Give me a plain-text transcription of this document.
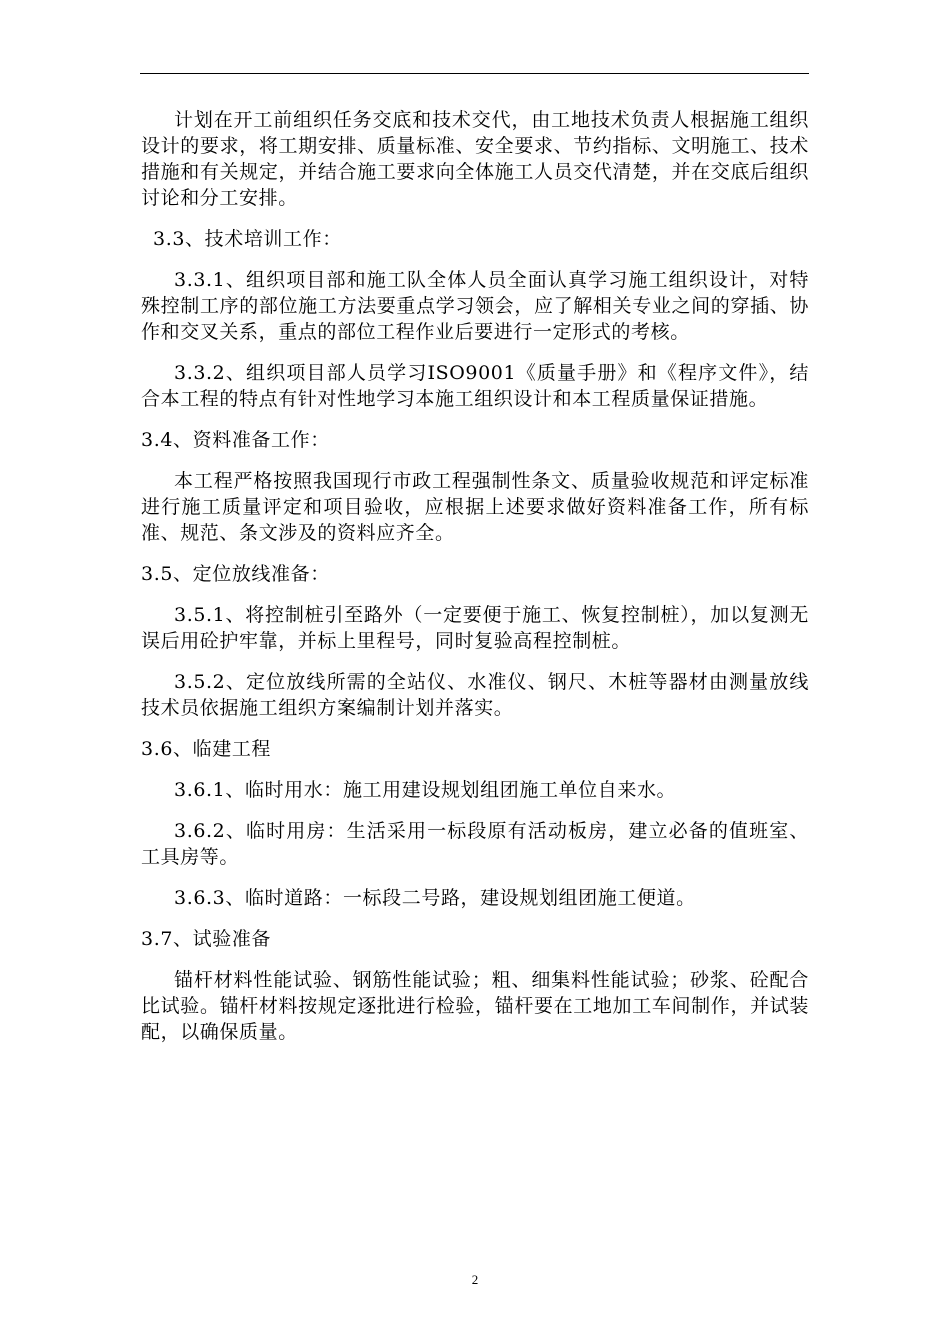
计划在开工前组织任务交底和技术交代，由工地技术负责人根据施工组织设计的要求，将工期安排、质量标准、安全要求、节约指标、文明施工、技术措施和有关规定，并结合施工要求向全体施工人员交代清楚，并在交底后组织讨论和分工安排。

3.3、技术培训工作：

3.3.1、组织项目部和施工队全体人员全面认真学习施工组织设计，对特殊控制工序的部位施工方法要重点学习领会，应了解相关专业之间的穿插、协作和交叉关系，重点的部位工程作业后要进行一定形式的考核。

3.3.2、组织项目部人员学习ISO9001《质量手册》和《程序文件》，结合本工程的特点有针对性地学习本施工组织设计和本工程质量保证措施。

3.4、资料准备工作：

本工程严格按照我国现行市政工程强制性条文、质量验收规范和评定标准进行施工质量评定和项目验收，应根据上述要求做好资料准备工作，所有标准、规范、条文涉及的资料应齐全。

3.5、定位放线准备：

3.5.1、将控制桩引至路外（一定要便于施工、恢复控制桩），加以复测无误后用砼护牢靠，并标上里程号，同时复验高程控制桩。

3.5.2、定位放线所需的全站仪、水准仪、钢尺、木桩等器材由测量放线技术员依据施工组织方案编制计划并落实。

3.6、临建工程

3.6.1、临时用水：施工用建设规划组团施工单位自来水。

3.6.2、临时用房：生活采用一标段原有活动板房，建立必备的值班室、工具房等。

3.6.3、临时道路：一标段二号路，建设规划组团施工便道。

3.7、试验准备

锚杆材料性能试验、钢筋性能试验；粗、细集料性能试验；砂浆、砼配合比试验。锚杆材料按规定逐批进行检验，锚杆要在工地加工车间制作，并试装配，以确保质量。

2
